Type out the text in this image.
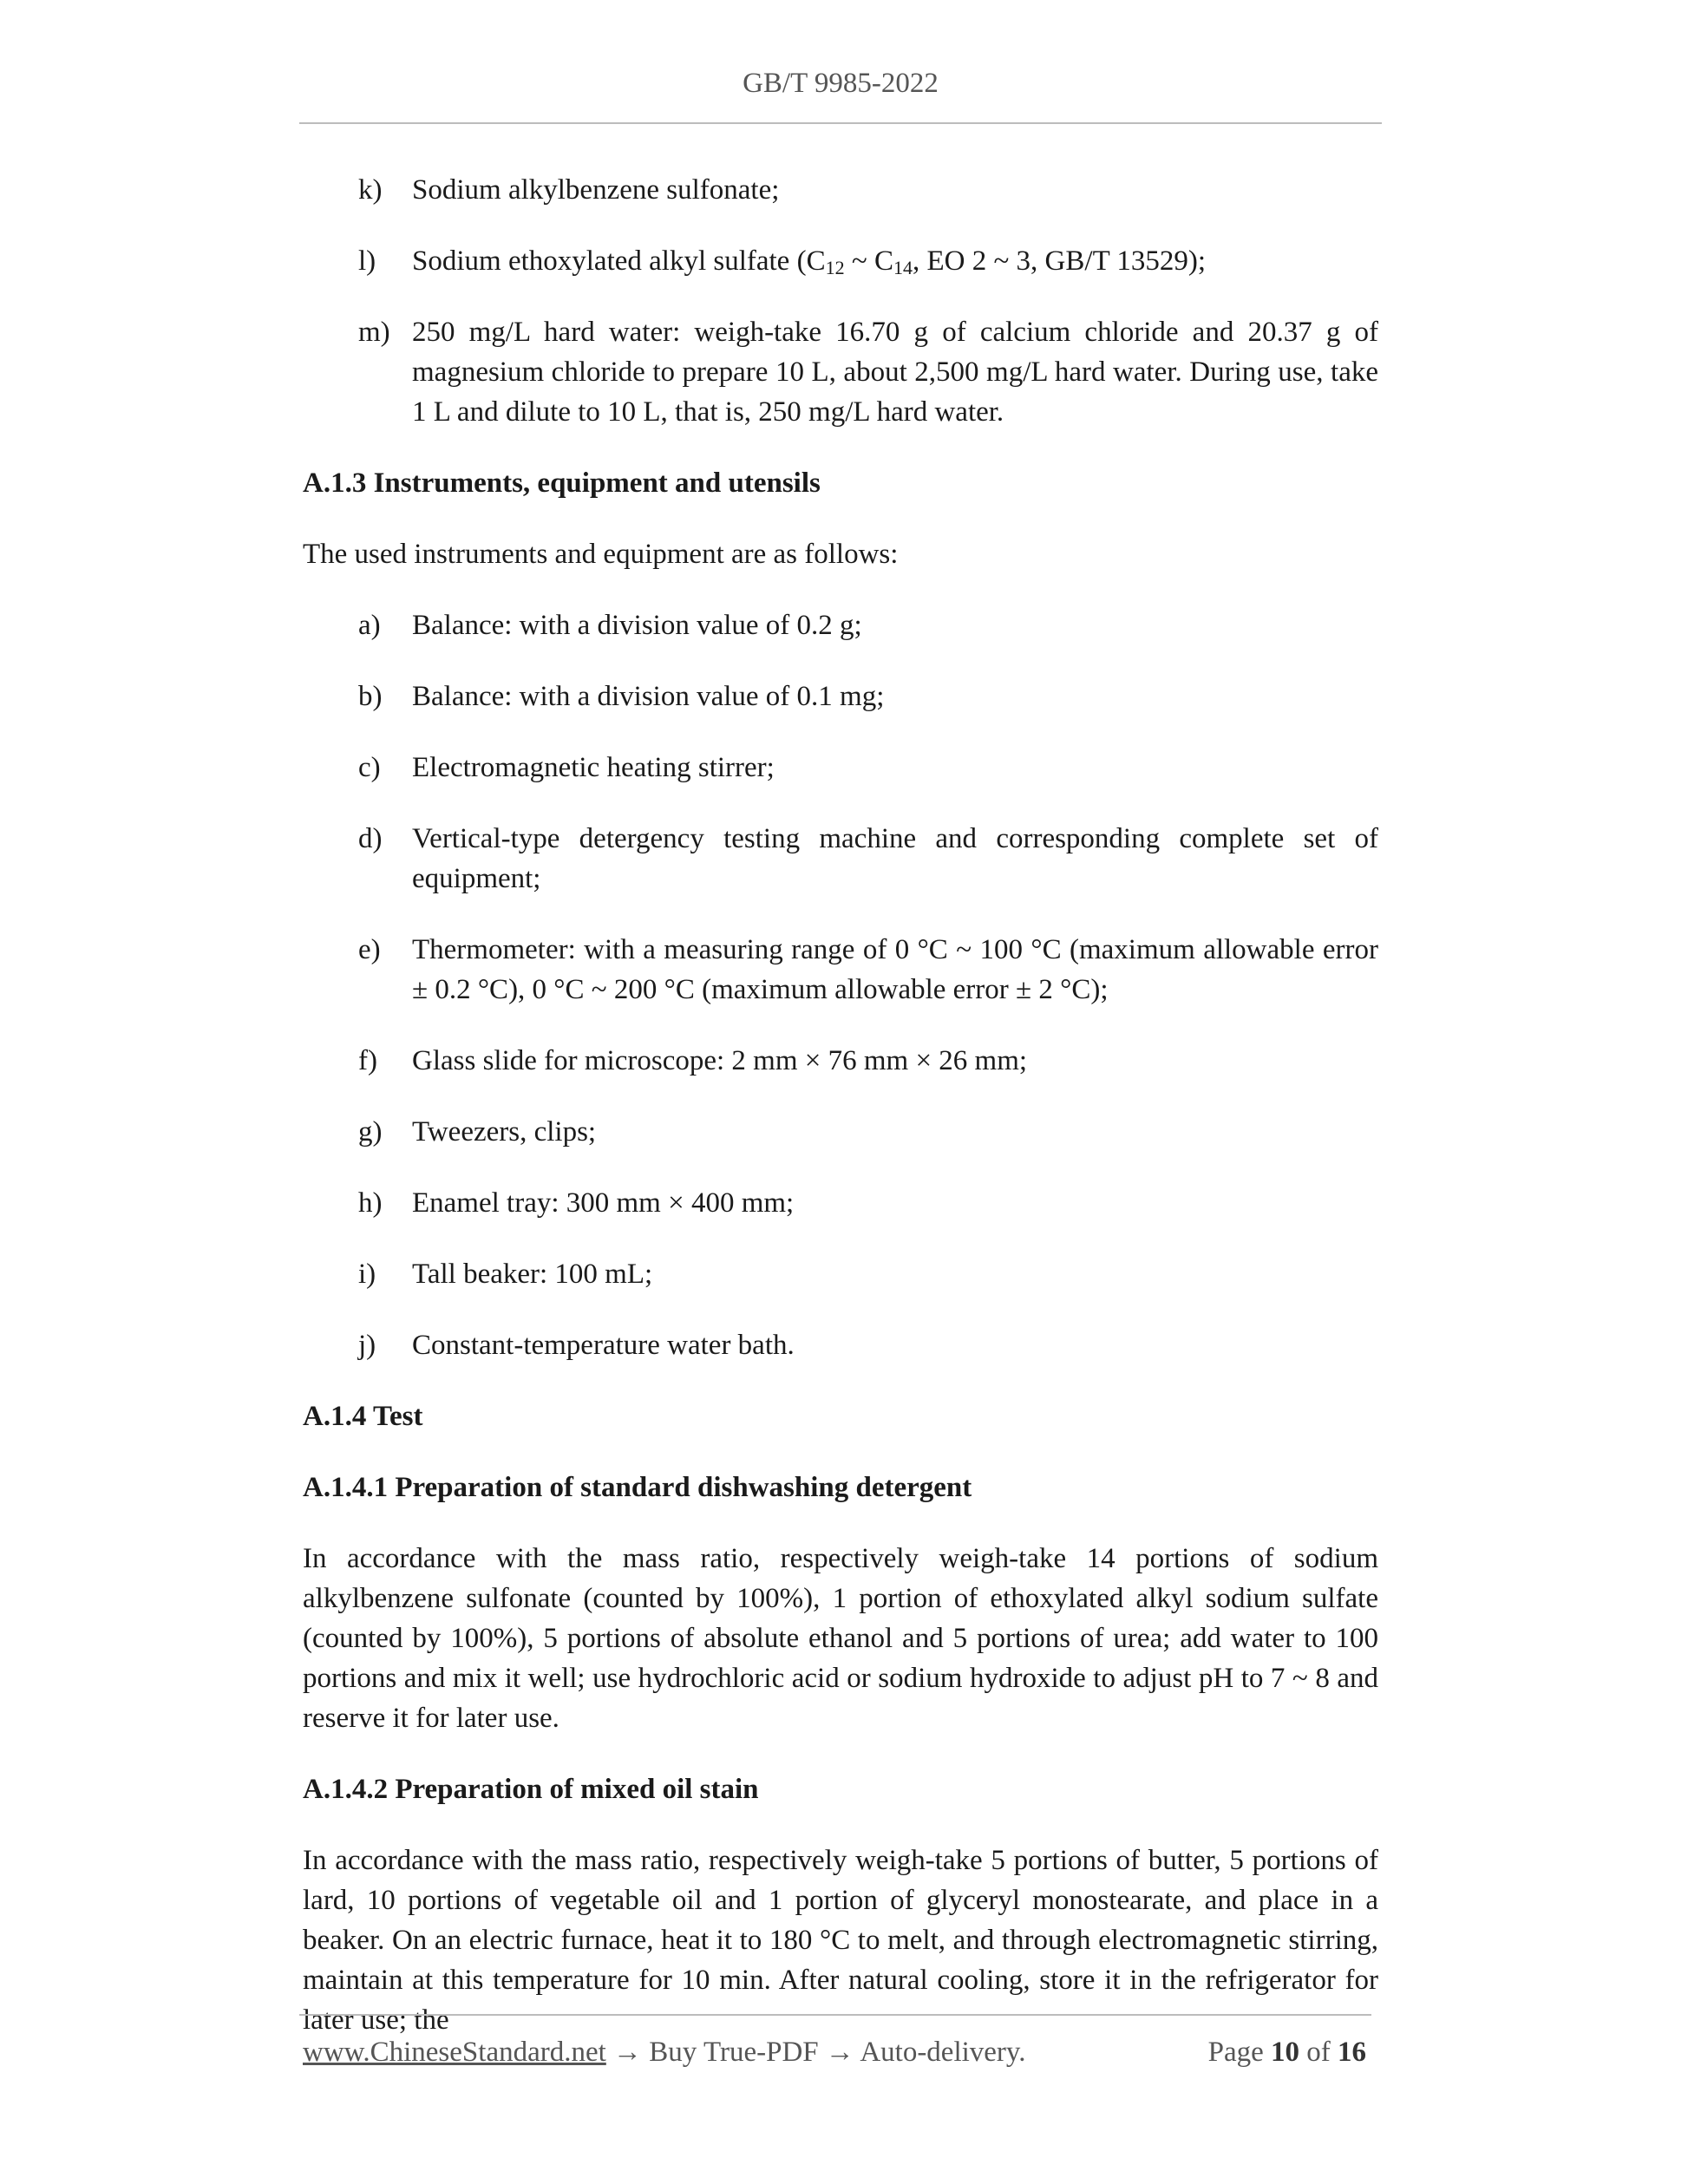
GB/T 9985-2022
k) Sodium alkylbenzene sulfonate;
l) Sodium ethoxylated alkyl sulfate ($C_{12}$ ~ $C_{14}$, EO 2 ~ 3, GB/T 13529);
m) 250 mg/L hard water: weigh-take 16.70 g of calcium chloride and 20.37 g of magnesium chloride to prepare 10 L, about 2,500 mg/L hard water. During use, take 1 L and dilute to 10 L, that is, 250 mg/L hard water.
A.1.3 Instruments, equipment and utensils
The used instruments and equipment are as follows:
a) Balance: with a division value of 0.2 g;
b) Balance: with a division value of 0.1 mg;
c) Electromagnetic heating stirrer;
d) Vertical-type detergency testing machine and corresponding complete set of equipment;
e) Thermometer: with a measuring range of 0 °C ~ 100 °C (maximum allowable error ± 0.2 °C), 0 °C ~ 200 °C (maximum allowable error ± 2 °C);
f) Glass slide for microscope: 2 mm × 76 mm × 26 mm;
g) Tweezers, clips;
h) Enamel tray: 300 mm × 400 mm;
i) Tall beaker: 100 mL;
j) Constant-temperature water bath.
A.1.4 Test
A.1.4.1 Preparation of standard dishwashing detergent
In accordance with the mass ratio, respectively weigh-take 14 portions of sodium alkylbenzene sulfonate (counted by 100%), 1 portion of ethoxylated alkyl sodium sulfate (counted by 100%), 5 portions of absolute ethanol and 5 portions of urea; add water to 100 portions and mix it well; use hydrochloric acid or sodium hydroxide to adjust pH to 7 ~ 8 and reserve it for later use.
A.1.4.2 Preparation of mixed oil stain
In accordance with the mass ratio, respectively weigh-take 5 portions of butter, 5 portions of lard, 10 portions of vegetable oil and 1 portion of glyceryl monostearate, and place in a beaker. On an electric furnace, heat it to 180 °C to melt, and through electromagnetic stirring, maintain at this temperature for 10 min. After natural cooling, store it in the refrigerator for later use; the
www.ChineseStandard.net → Buy True-PDF → Auto-delivery.	Page 10 of 16
